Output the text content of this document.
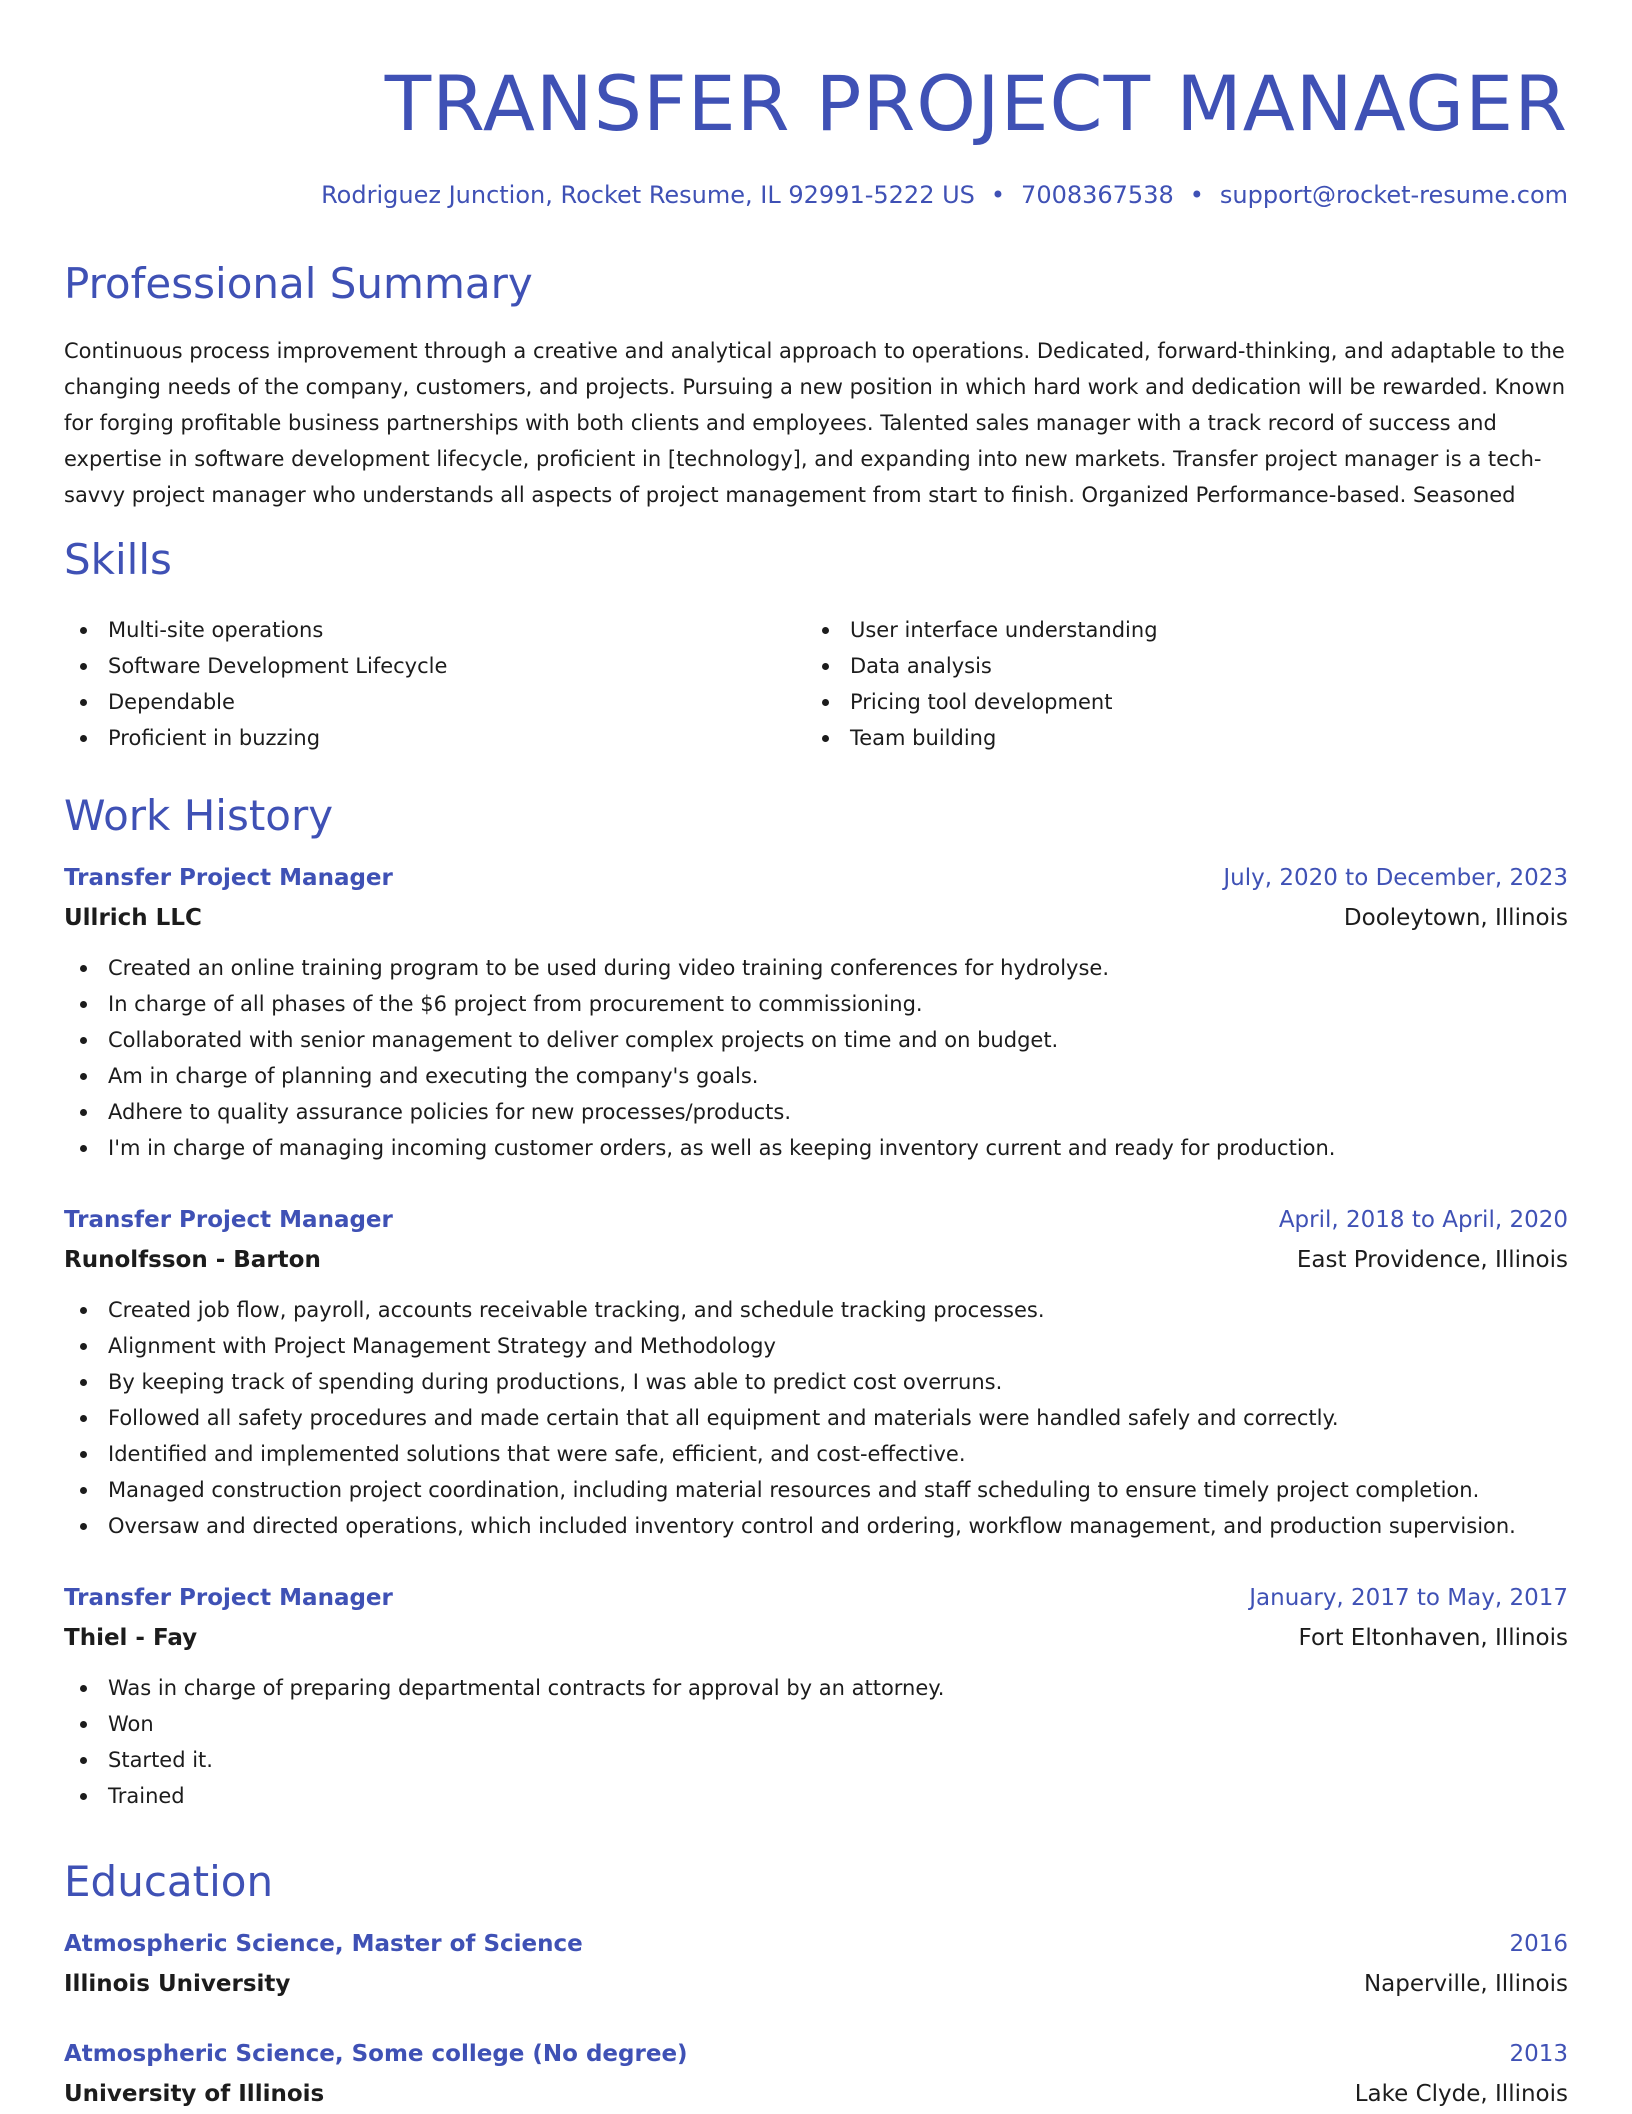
TRANSFER PROJECT MANAGER
Rodriguez Junction, Rocket Resume, IL 92991-5222 US • 7008367538 • support@rocket-resume.com
Professional Summary
Continuous process improvement through a creative and analytical approach to operations. Dedicated, forward-thinking, and adaptable to the changing needs of the company, customers, and projects. Pursuing a new position in which hard work and dedication will be rewarded. Known for forging profitable business partnerships with both clients and employees. Talented sales manager with a track record of success and expertise in software development lifecycle, proficient in [technology], and expanding into new markets. Transfer project manager is a tech-savvy project manager who understands all aspects of project management from start to finish. Organized Performance-based. Seasoned
Skills
Multi-site operations
Software Development Lifecycle
Dependable
Proficient in buzzing
User interface understanding
Data analysis
Pricing tool development
Team building
Work History
Transfer Project Manager	July, 2020 to December, 2023
Ullrich LLC	Dooleytown, Illinois
Created an online training program to be used during video training conferences for hydrolyse.
In charge of all phases of the $6 project from procurement to commissioning.
Collaborated with senior management to deliver complex projects on time and on budget.
Am in charge of planning and executing the company's goals.
Adhere to quality assurance policies for new processes/products.
I'm in charge of managing incoming customer orders, as well as keeping inventory current and ready for production.
Transfer Project Manager	April, 2018 to April, 2020
Runolfsson - Barton	East Providence, Illinois
Created job flow, payroll, accounts receivable tracking, and schedule tracking processes.
Alignment with Project Management Strategy and Methodology
By keeping track of spending during productions, I was able to predict cost overruns.
Followed all safety procedures and made certain that all equipment and materials were handled safely and correctly.
Identified and implemented solutions that were safe, efficient, and cost-effective.
Managed construction project coordination, including material resources and staff scheduling to ensure timely project completion.
Oversaw and directed operations, which included inventory control and ordering, workflow management, and production supervision.
Transfer Project Manager	January, 2017 to May, 2017
Thiel - Fay	Fort Eltonhaven, Illinois
Was in charge of preparing departmental contracts for approval by an attorney.
Won
Started it.
Trained
Education
Atmospheric Science, Master of Science	2016
Illinois University	Naperville, Illinois
Atmospheric Science, Some college (No degree)	2013
University of Illinois	Lake Clyde, Illinois
